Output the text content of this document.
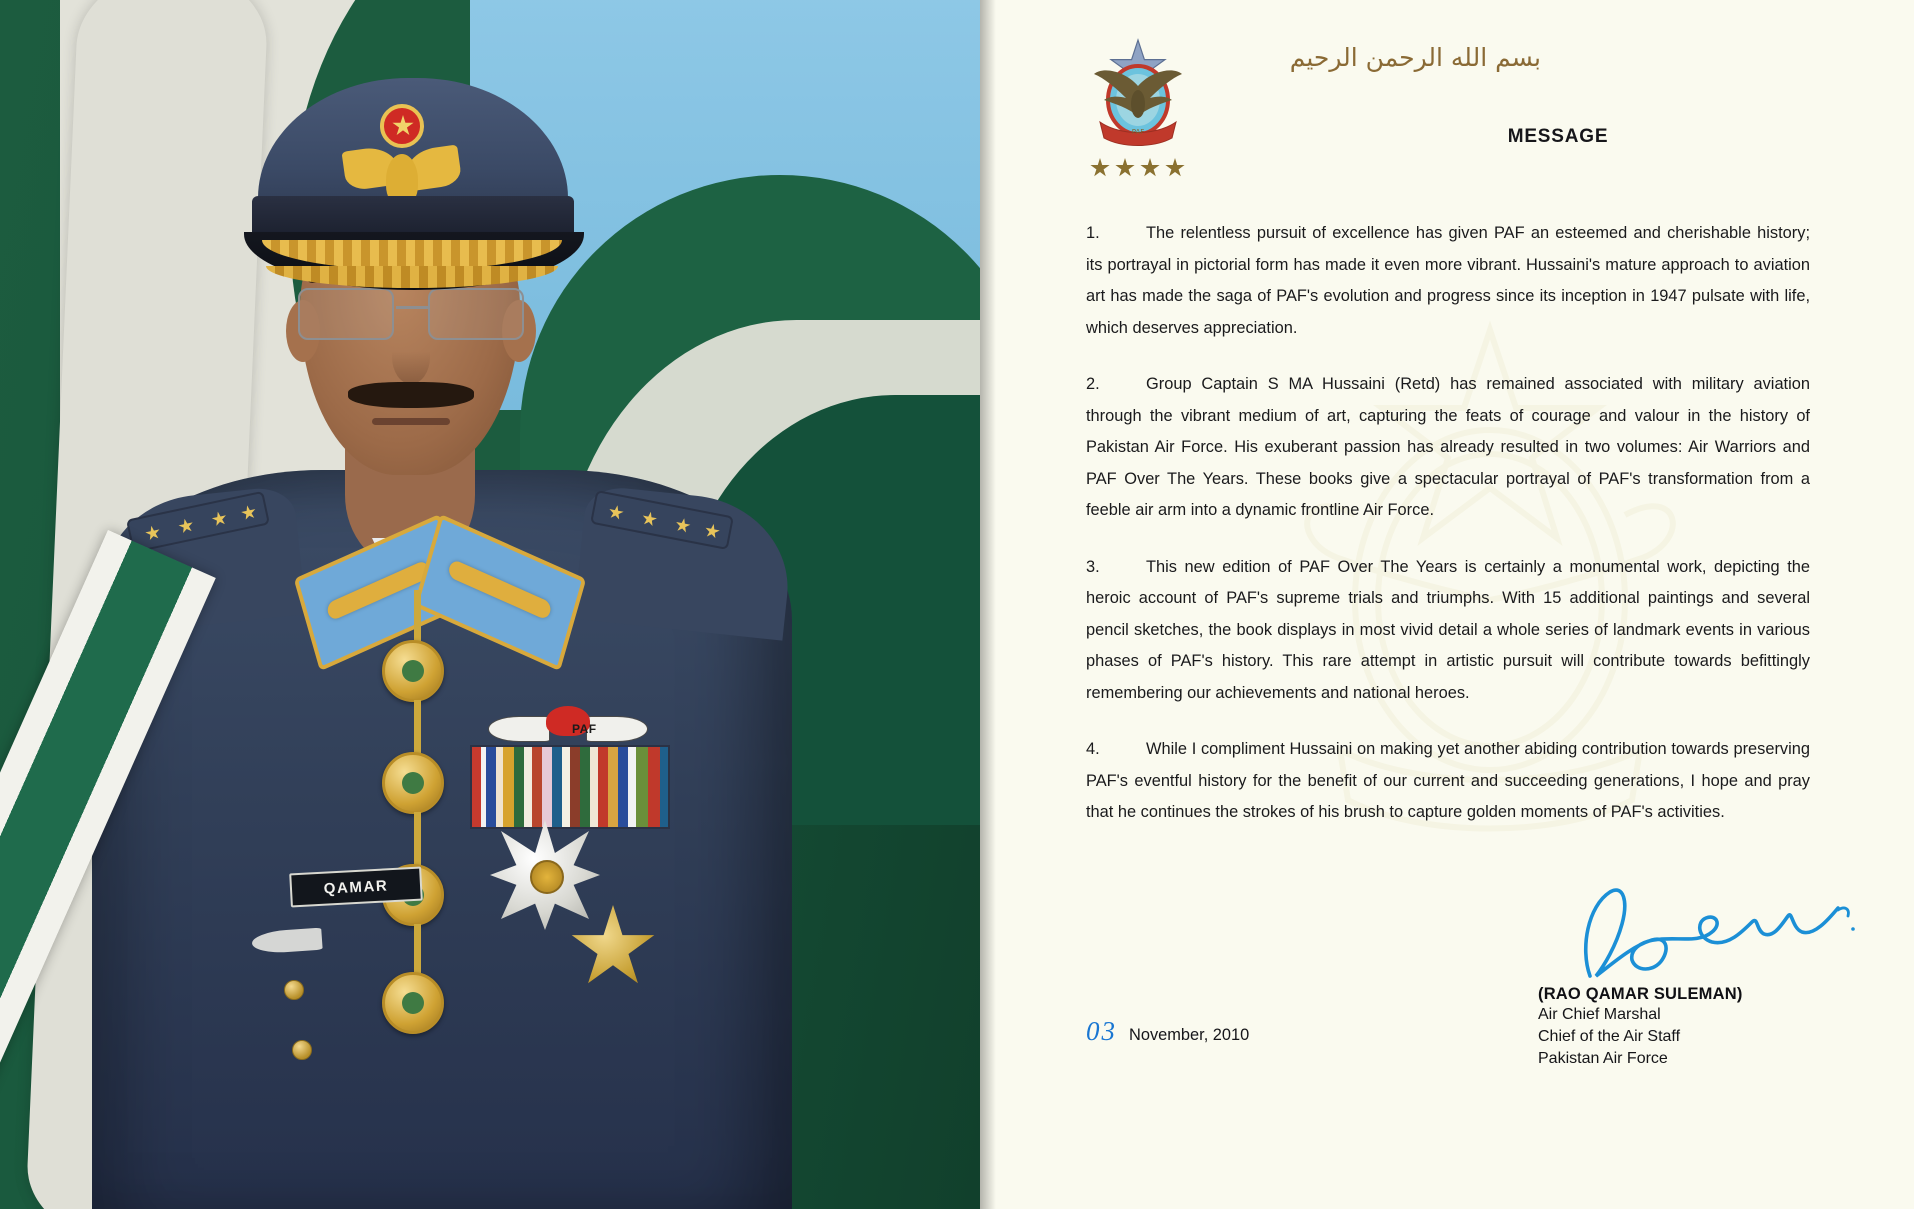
PAF
QAMAR
PAF
بسم الله الرحمن الرحيم
MESSAGE

1.	The relentless pursuit of excellence has given PAF an esteemed and cherishable history; its portrayal in pictorial form has made it even more vibrant. Hussaini's mature approach to aviation art has made the saga of PAF's evolution and progress since its inception in 1947 pulsate with life, which deserves appreciation.

2.	Group Captain S MA Hussaini (Retd) has remained associated with military aviation through the vibrant medium of art, capturing the feats of courage and valour in the history of Pakistan Air Force. His exuberant passion has already resulted in two volumes: Air Warriors and PAF Over The Years. These books give a spectacular portrayal of PAF's transformation from a feeble air arm into a dynamic frontline Air Force.

3.	This new edition of PAF Over The Years is certainly a monumental work, depicting the heroic account of PAF's supreme trials and triumphs. With 15 additional paintings and several pencil sketches, the book displays in most vivid detail a whole series of landmark events in various phases of PAF's history. This rare attempt in artistic pursuit will contribute towards befittingly remembering our achievements and national heroes.

4.	While I compliment Hussaini on making yet another abiding contribution towards preserving PAF's eventful history for the benefit of our current and succeeding generations, I hope and pray that he continues the strokes of his brush to capture golden moments of PAF's activities.

(RAO QAMAR SULEMAN)
Air Chief Marshal
Chief of the Air Staff
Pakistan Air Force
03 November, 2010
